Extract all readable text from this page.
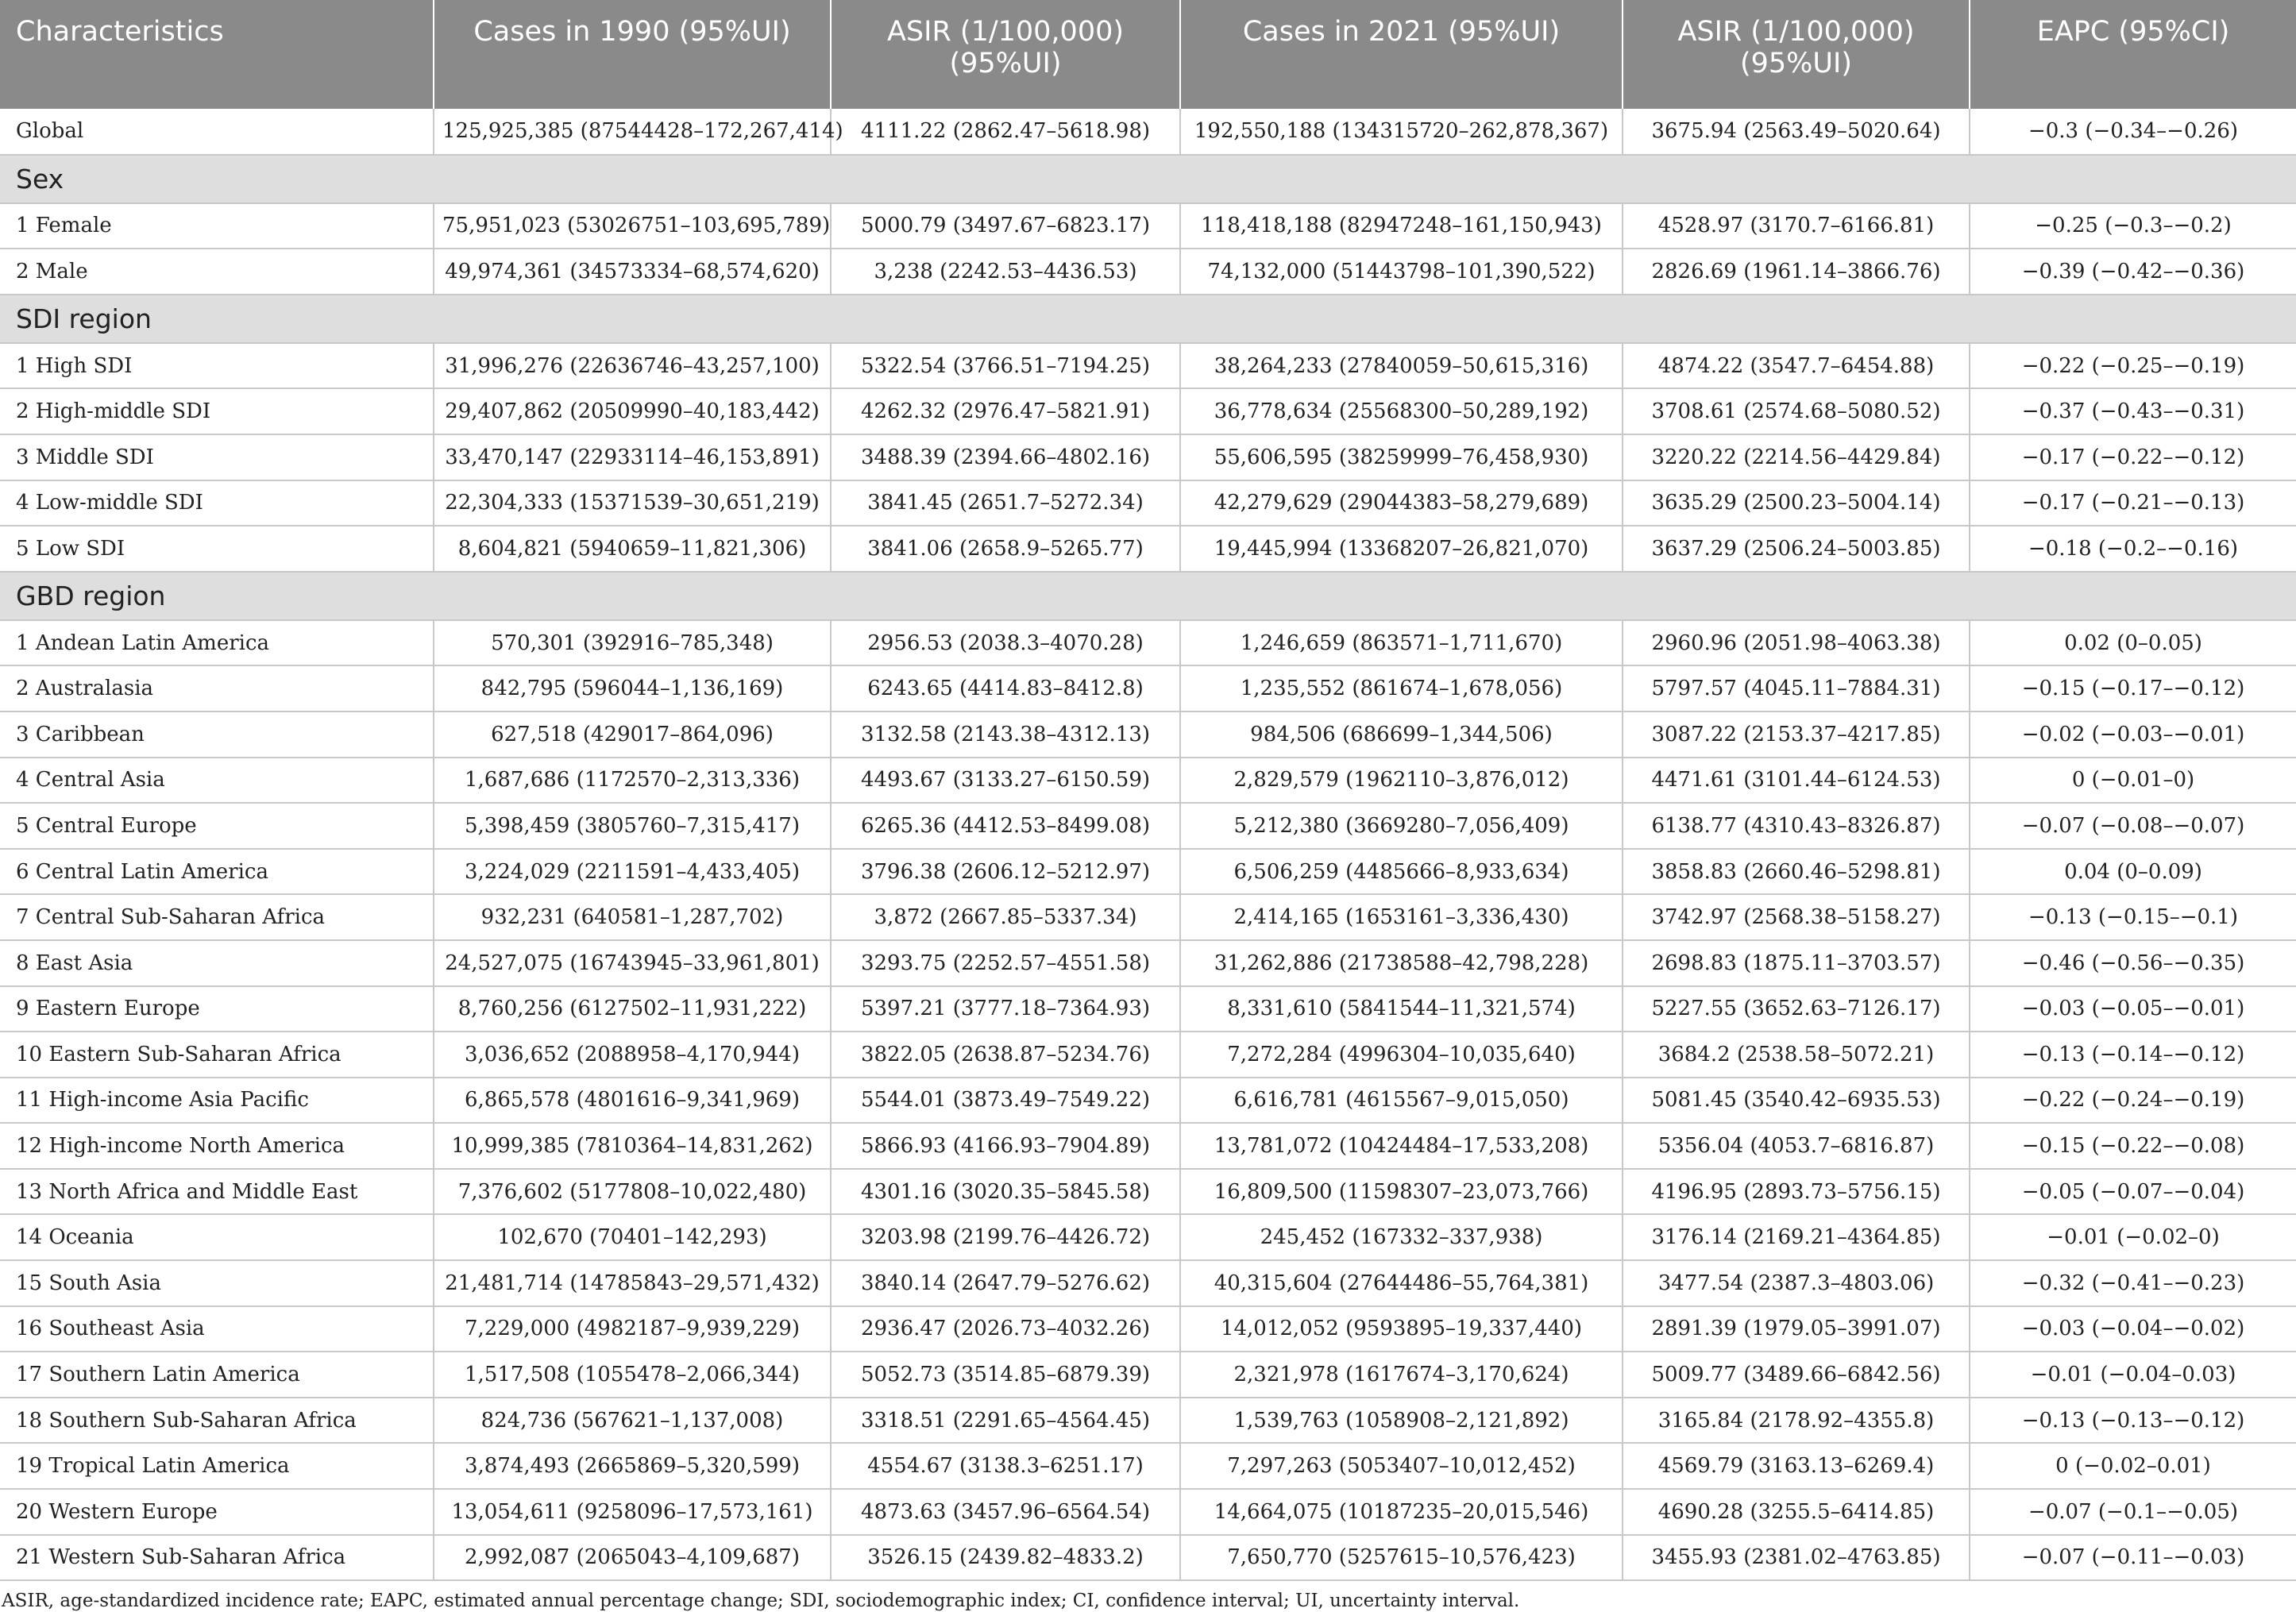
Characteristics	Cases in 1990 (95%UI)	ASIR (1/100,000) (95%UI)	Cases in 2021 (95%UI)	ASIR (1/100,000) (95%UI)	EAPC (95%CI)
Global	125,925,385 (87544428–172,267,414)	4111.22 (2862.47–5618.98)	192,550,188 (134315720–262,878,367)	3675.94 (2563.49–5020.64)	−0.3 (−0.34–−0.26)
Sex					
1 Female	75,951,023 (53026751–103,695,789)	5000.79 (3497.67–6823.17)	118,418,188 (82947248–161,150,943)	4528.97 (3170.7–6166.81)	−0.25 (−0.3–−0.2)
2 Male	49,974,361 (34573334–68,574,620)	3,238 (2242.53–4436.53)	74,132,000 (51443798–101,390,522)	2826.69 (1961.14–3866.76)	−0.39 (−0.42–−0.36)
SDI region					
1 High SDI	31,996,276 (22636746–43,257,100)	5322.54 (3766.51–7194.25)	38,264,233 (27840059–50,615,316)	4874.22 (3547.7–6454.88)	−0.22 (−0.25–−0.19)
2 High-middle SDI	29,407,862 (20509990–40,183,442)	4262.32 (2976.47–5821.91)	36,778,634 (25568300–50,289,192)	3708.61 (2574.68–5080.52)	−0.37 (−0.43–−0.31)
3 Middle SDI	33,470,147 (22933114–46,153,891)	3488.39 (2394.66–4802.16)	55,606,595 (38259999–76,458,930)	3220.22 (2214.56–4429.84)	−0.17 (−0.22–−0.12)
4 Low-middle SDI	22,304,333 (15371539–30,651,219)	3841.45 (2651.7–5272.34)	42,279,629 (29044383–58,279,689)	3635.29 (2500.23–5004.14)	−0.17 (−0.21–−0.13)
5 Low SDI	8,604,821 (5940659–11,821,306)	3841.06 (2658.9–5265.77)	19,445,994 (13368207–26,821,070)	3637.29 (2506.24–5003.85)	−0.18 (−0.2–−0.16)
GBD region					
1 Andean Latin America	570,301 (392916–785,348)	2956.53 (2038.3–4070.28)	1,246,659 (863571–1,711,670)	2960.96 (2051.98–4063.38)	0.02 (0–0.05)
2 Australasia	842,795 (596044–1,136,169)	6243.65 (4414.83–8412.8)	1,235,552 (861674–1,678,056)	5797.57 (4045.11–7884.31)	−0.15 (−0.17–−0.12)
3 Caribbean	627,518 (429017–864,096)	3132.58 (2143.38–4312.13)	984,506 (686699–1,344,506)	3087.22 (2153.37–4217.85)	−0.02 (−0.03–−0.01)
4 Central Asia	1,687,686 (1172570–2,313,336)	4493.67 (3133.27–6150.59)	2,829,579 (1962110–3,876,012)	4471.61 (3101.44–6124.53)	0 (−0.01–0)
5 Central Europe	5,398,459 (3805760–7,315,417)	6265.36 (4412.53–8499.08)	5,212,380 (3669280–7,056,409)	6138.77 (4310.43–8326.87)	−0.07 (−0.08–−0.07)
6 Central Latin America	3,224,029 (2211591–4,433,405)	3796.38 (2606.12–5212.97)	6,506,259 (4485666–8,933,634)	3858.83 (2660.46–5298.81)	0.04 (0–0.09)
7 Central Sub-Saharan Africa	932,231 (640581–1,287,702)	3,872 (2667.85–5337.34)	2,414,165 (1653161–3,336,430)	3742.97 (2568.38–5158.27)	−0.13 (−0.15–−0.1)
8 East Asia	24,527,075 (16743945–33,961,801)	3293.75 (2252.57–4551.58)	31,262,886 (21738588–42,798,228)	2698.83 (1875.11–3703.57)	−0.46 (−0.56–−0.35)
9 Eastern Europe	8,760,256 (6127502–11,931,222)	5397.21 (3777.18–7364.93)	8,331,610 (5841544–11,321,574)	5227.55 (3652.63–7126.17)	−0.03 (−0.05–−0.01)
10 Eastern Sub-Saharan Africa	3,036,652 (2088958–4,170,944)	3822.05 (2638.87–5234.76)	7,272,284 (4996304–10,035,640)	3684.2 (2538.58–5072.21)	−0.13 (−0.14–−0.12)
11 High-income Asia Pacific	6,865,578 (4801616–9,341,969)	5544.01 (3873.49–7549.22)	6,616,781 (4615567–9,015,050)	5081.45 (3540.42–6935.53)	−0.22 (−0.24–−0.19)
12 High-income North America	10,999,385 (7810364–14,831,262)	5866.93 (4166.93–7904.89)	13,781,072 (10424484–17,533,208)	5356.04 (4053.7–6816.87)	−0.15 (−0.22–−0.08)
13 North Africa and Middle East	7,376,602 (5177808–10,022,480)	4301.16 (3020.35–5845.58)	16,809,500 (11598307–23,073,766)	4196.95 (2893.73–5756.15)	−0.05 (−0.07–−0.04)
14 Oceania	102,670 (70401–142,293)	3203.98 (2199.76–4426.72)	245,452 (167332–337,938)	3176.14 (2169.21–4364.85)	−0.01 (−0.02–0)
15 South Asia	21,481,714 (14785843–29,571,432)	3840.14 (2647.79–5276.62)	40,315,604 (27644486–55,764,381)	3477.54 (2387.3–4803.06)	−0.32 (−0.41–−0.23)
16 Southeast Asia	7,229,000 (4982187–9,939,229)	2936.47 (2026.73–4032.26)	14,012,052 (9593895–19,337,440)	2891.39 (1979.05–3991.07)	−0.03 (−0.04–−0.02)
17 Southern Latin America	1,517,508 (1055478–2,066,344)	5052.73 (3514.85–6879.39)	2,321,978 (1617674–3,170,624)	5009.77 (3489.66–6842.56)	−0.01 (−0.04–0.03)
18 Southern Sub-Saharan Africa	824,736 (567621–1,137,008)	3318.51 (2291.65–4564.45)	1,539,763 (1058908–2,121,892)	3165.84 (2178.92–4355.8)	−0.13 (−0.13–−0.12)
19 Tropical Latin America	3,874,493 (2665869–5,320,599)	4554.67 (3138.3–6251.17)	7,297,263 (5053407–10,012,452)	4569.79 (3163.13–6269.4)	0 (−0.02–0.01)
20 Western Europe	13,054,611 (9258096–17,573,161)	4873.63 (3457.96–6564.54)	14,664,075 (10187235–20,015,546)	4690.28 (3255.5–6414.85)	−0.07 (−0.1–−0.05)
21 Western Sub-Saharan Africa	2,992,087 (2065043–4,109,687)	3526.15 (2439.82–4833.2)	7,650,770 (5257615–10,576,423)	3455.93 (2381.02–4763.85)	−0.07 (−0.11–−0.03)
ASIR, age-standardized incidence rate; EAPC, estimated annual percentage change; SDI, sociodemographic index; CI, confidence interval; UI, uncertainty interval.
